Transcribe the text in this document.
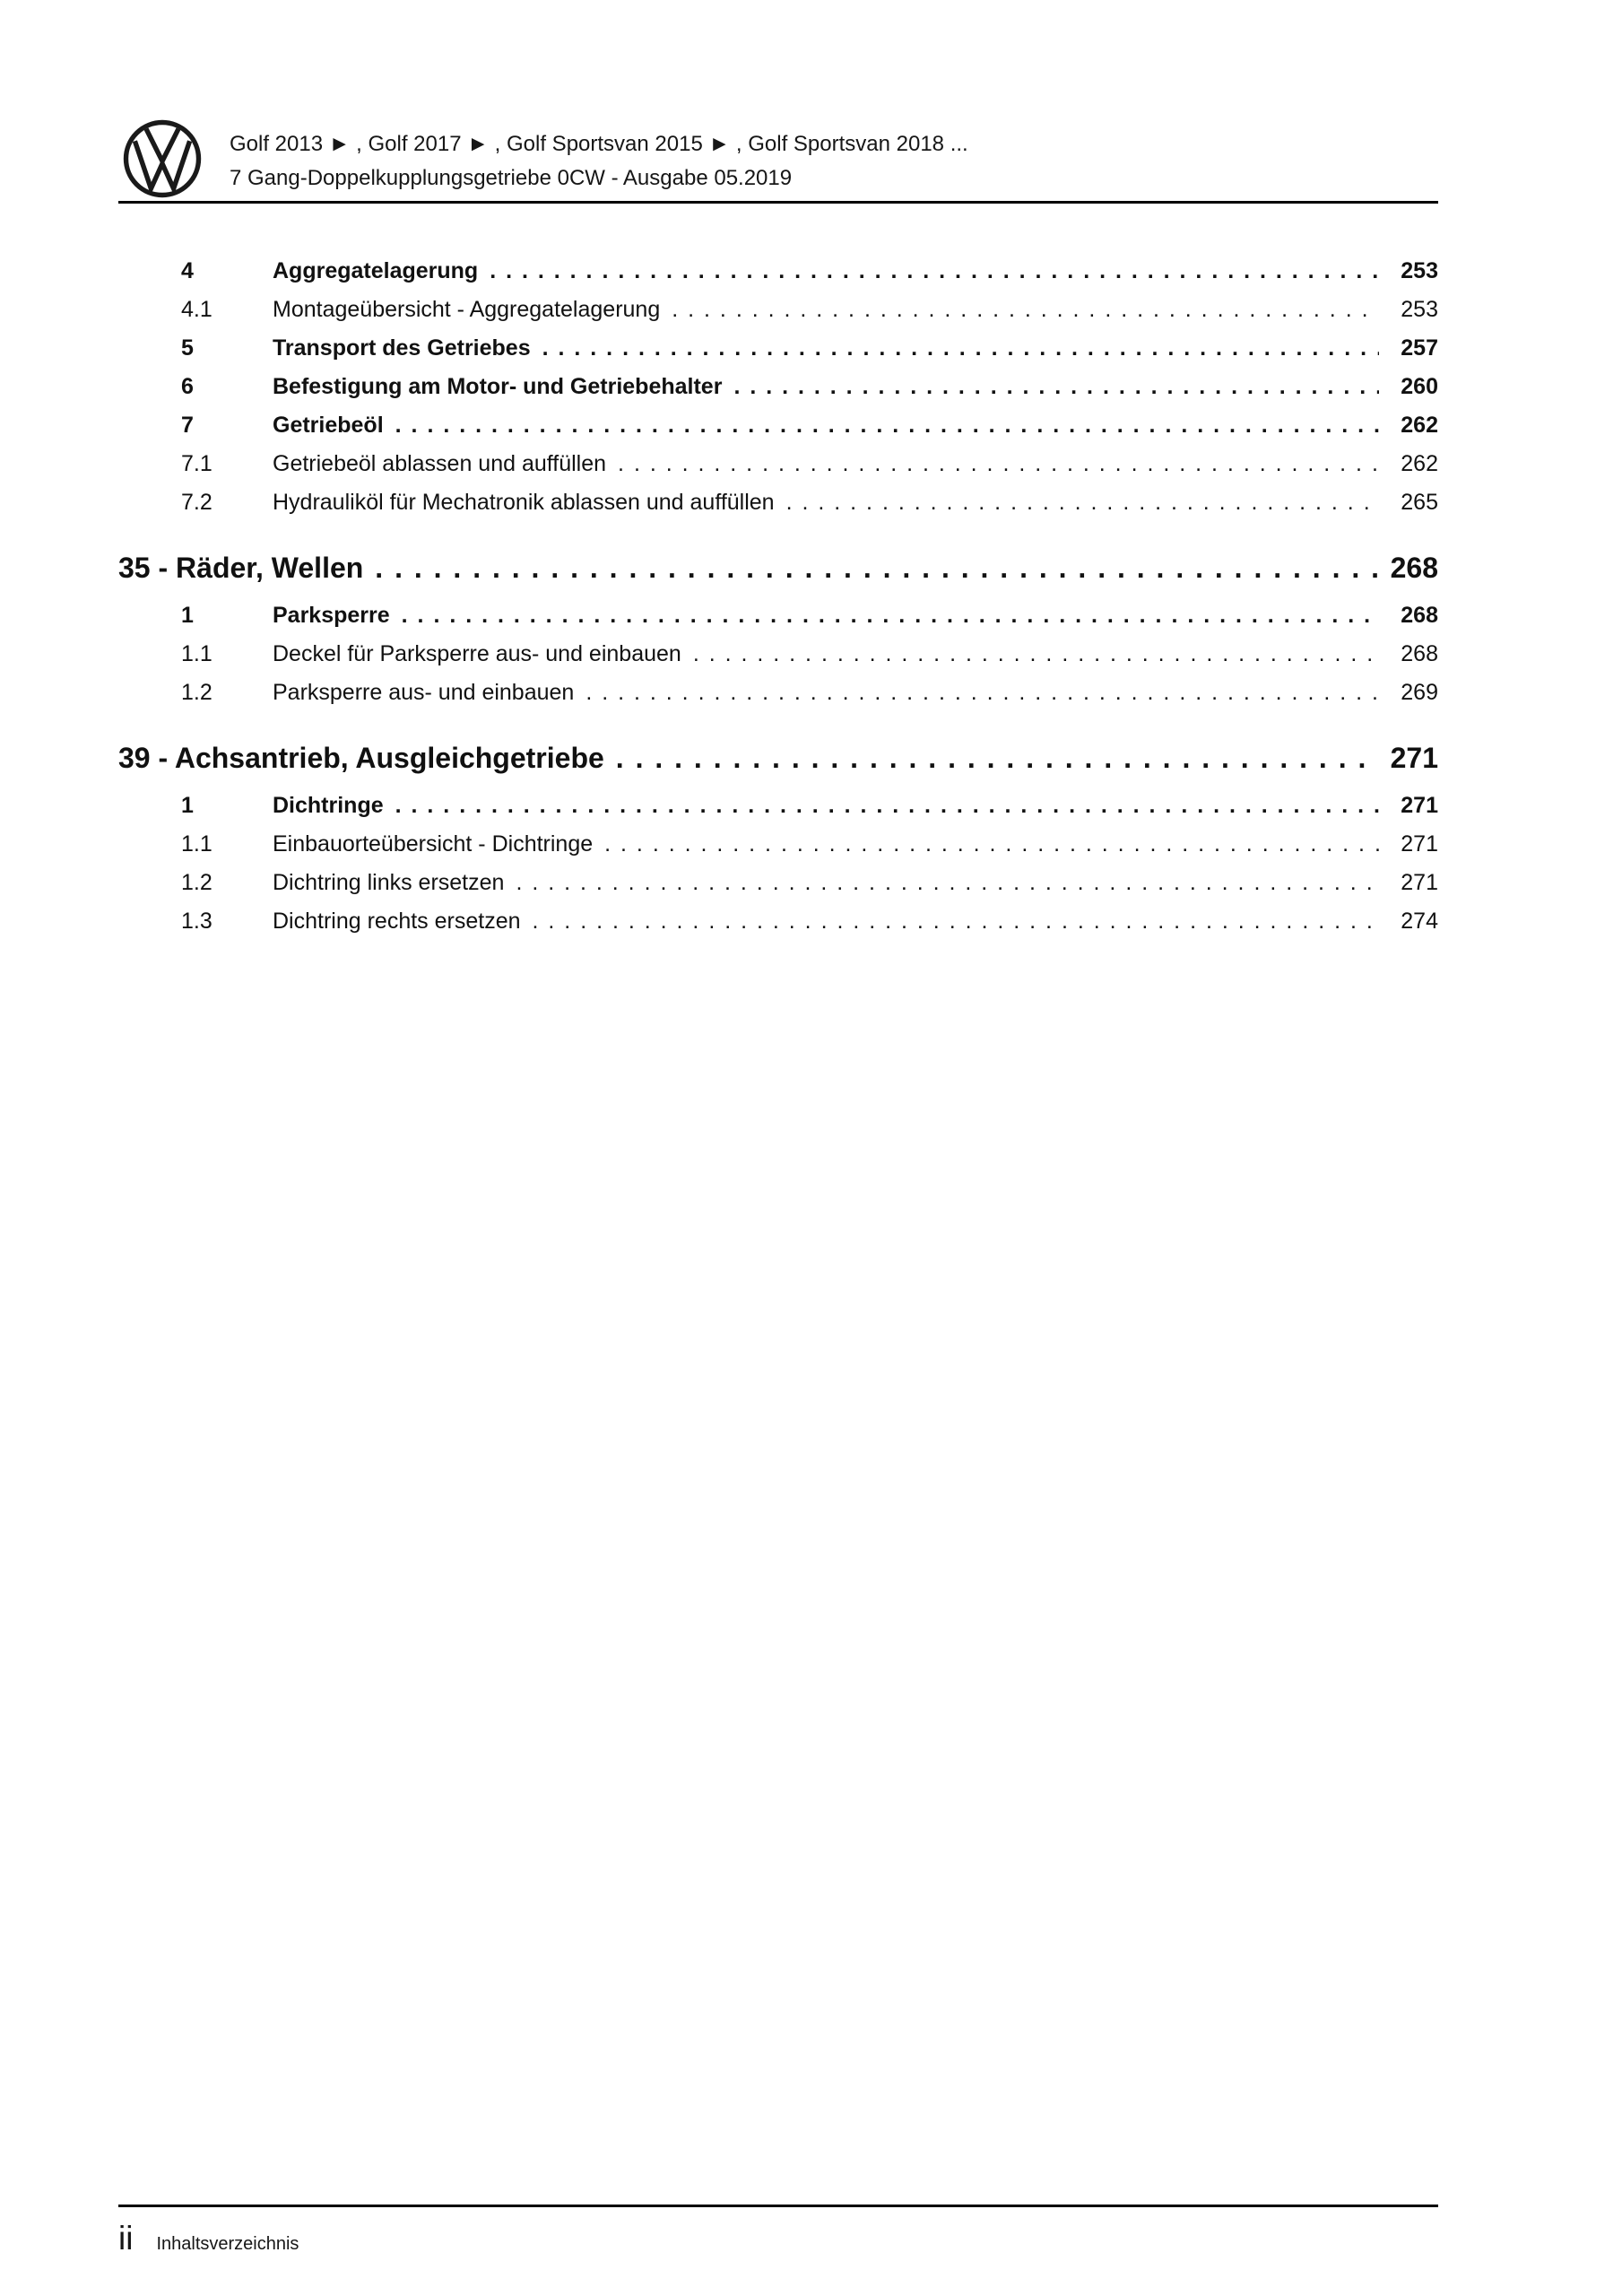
Golf 2013 ► , Golf 2017 ► , Golf Sportsvan 2015 ► , Golf Sportsvan 2018 ...
7 Gang-Doppelkupplungsgetriebe 0CW - Ausgabe 05.2019
4	Aggregatelagerung . . .	253
4.1	Montageübersicht - Aggregatelagerung . . .	253
5	Transport des Getriebes . . .	257
6	Befestigung am Motor- und Getriebehalter . . .	260
7	Getriebeöl . . .	262
7.1	Getriebeöl ablassen und auffüllen . . .	262
7.2	Hydrauliköl für Mechatronik ablassen und auffüllen . . .	265
35 - Räder, Wellen . . .	268
1	Parksperre . . .	268
1.1	Deckel für Parksperre aus- und einbauen . . .	268
1.2	Parksperre aus- und einbauen . . .	269
39 - Achsantrieb, Ausgleichgetriebe . . .	271
1	Dichtringe . . .	271
1.1	Einbauorteübersicht - Dichtringe . . .	271
1.2	Dichtring links ersetzen . . .	271
1.3	Dichtring rechts ersetzen . . .	274
ii Inhaltsverzeichnis
